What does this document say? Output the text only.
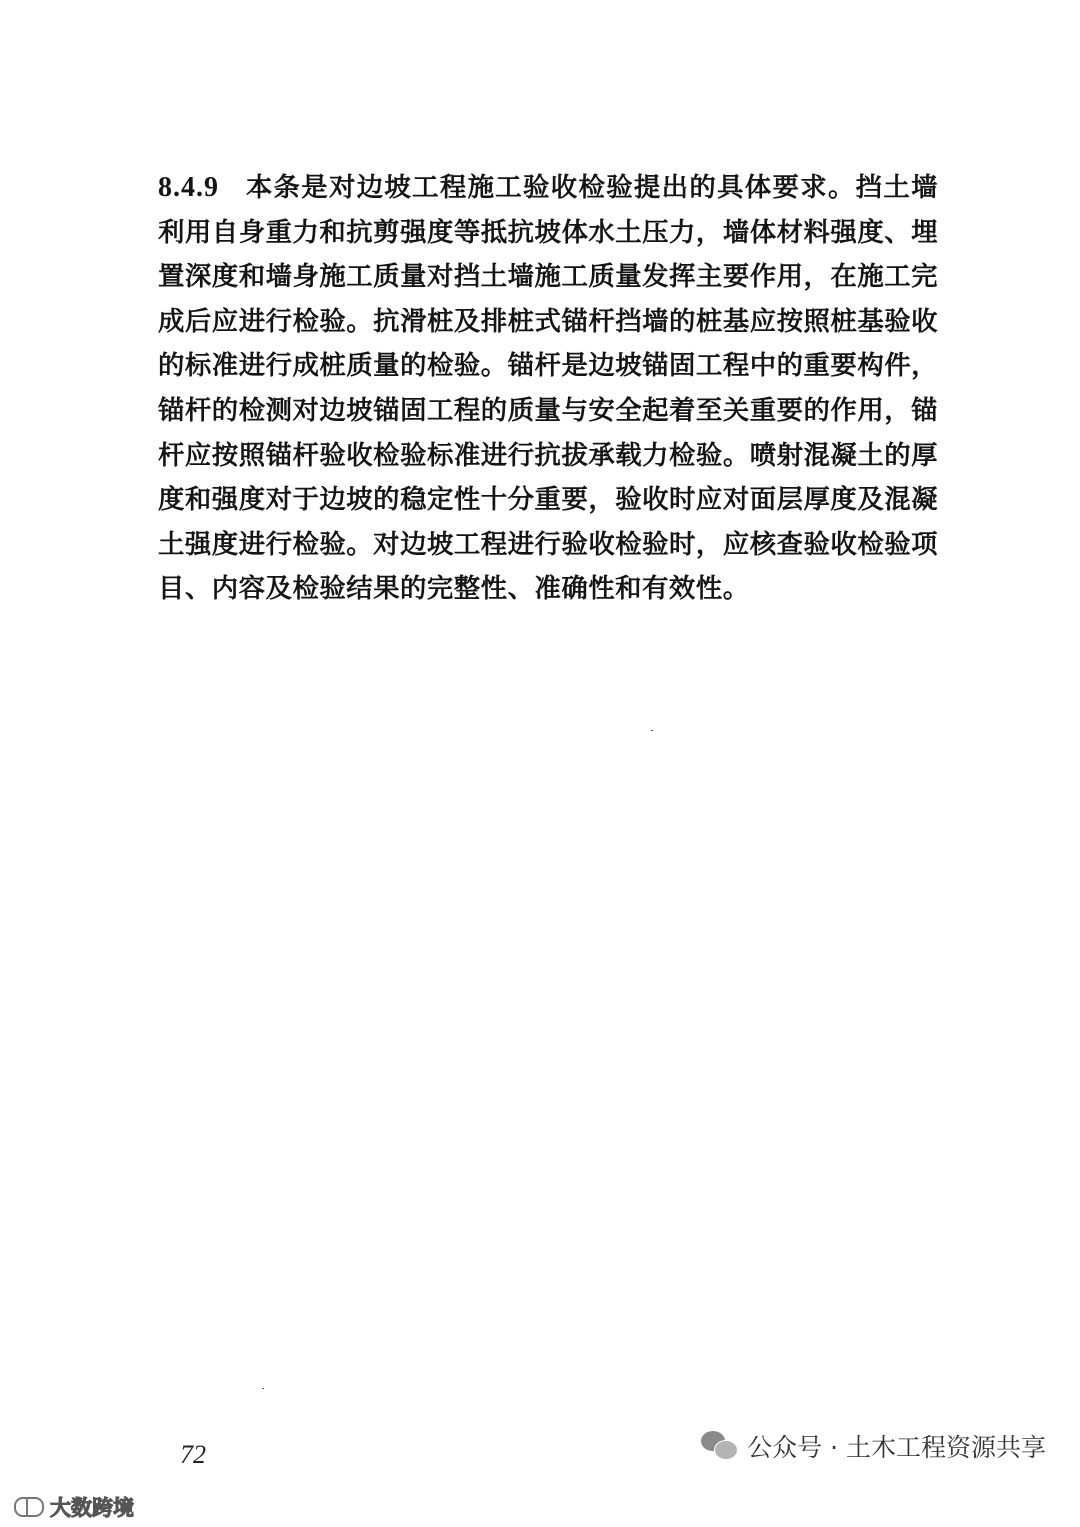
8.4.9 本条是对边坡工程施工验收检验提出的具体要求。挡土墙利用自身重力和抗剪强度等抵抗坡体水土压力，墙体材料强度、埋置深度和墙身施工质量对挡土墙施工质量发挥主要作用，在施工完成后应进行检验。抗滑桩及排桩式锚杆挡墙的桩基应按照桩基验收的标准进行成桩质量的检验。锚杆是边坡锚固工程中的重要构件，锚杆的检测对边坡锚固工程的质量与安全起着至关重要的作用，锚杆应按照锚杆验收检验标准进行抗拔承载力检验。喷射混凝土的厚度和强度对于边坡的稳定性十分重要，验收时应对面层厚度及混凝土强度进行检验。对边坡工程进行验收检验时，应核查验收检验项目、内容及检验结果的完整性、准确性和有效性。

72	公众号 · 土木工程资源共享
大数跨境
